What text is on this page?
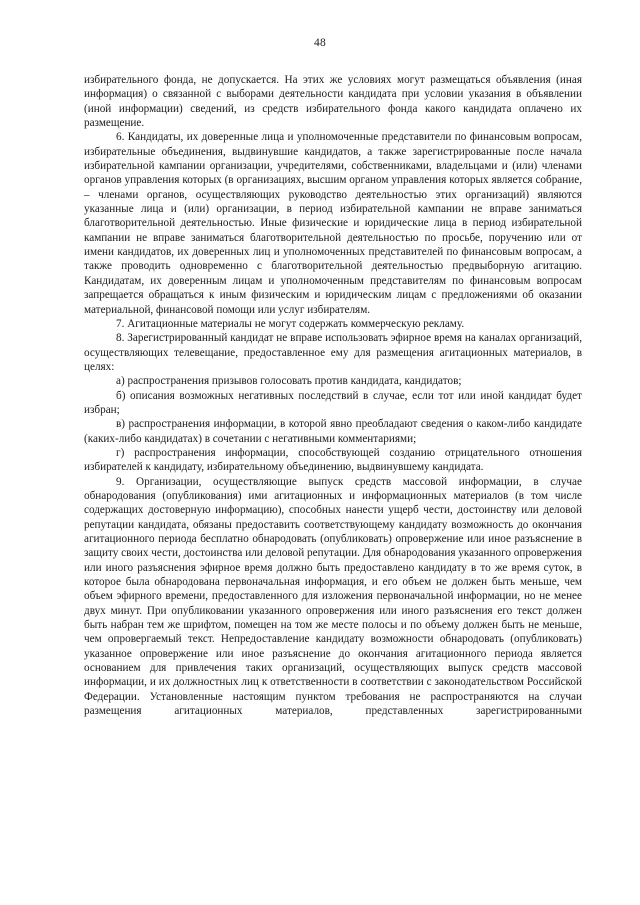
48

избирательного фонда, не допускается. На этих же условиях могут размещаться объявления (иная информация) о связанной с выборами деятельности кандидата при условии указания в объявлении (иной информации) сведений, из средств избирательного фонда какого кандидата оплачено их размещение.

6. Кандидаты, их доверенные лица и уполномоченные представители по финансовым вопросам, избирательные объединения, выдвинувшие кандидатов, а также зарегистрированные после начала избирательной кампании организации, учредителями, собственниками, владельцами и (или) членами органов управления которых (в организациях, высшим органом управления которых является собрание, – членами органов, осуществляющих руководство деятельностью этих организаций) являются указанные лица и (или) организации, в период избирательной кампании не вправе заниматься благотворительной деятельностью. Иные физические и юридические лица в период избирательной кампании не вправе заниматься благотворительной деятельностью по просьбе, поручению или от имени кандидатов, их доверенных лиц и уполномоченных представителей по финансовым вопросам, а также проводить одновременно с благотворительной деятельностью предвыборную агитацию. Кандидатам, их доверенным лицам и уполномоченным представителям по финансовым вопросам запрещается обращаться к иным физическим и юридическим лицам с предложениями об оказании материальной, финансовой помощи или услуг избирателям.

7. Агитационные материалы не могут содержать коммерческую рекламу.

8. Зарегистрированный кандидат не вправе использовать эфирное время на каналах организаций, осуществляющих телевещание, предоставленное ему для размещения агитационных материалов, в целях:

а) распространения призывов голосовать против кандидата, кандидатов;

б) описания возможных негативных последствий в случае, если тот или иной кандидат будет избран;

в) распространения информации, в которой явно преобладают сведения о каком-либо кандидате (каких-либо кандидатах) в сочетании с негативными комментариями;

г) распространения информации, способствующей созданию отрицательного отношения избирателей к кандидату, избирательному объединению, выдвинувшему кандидата.

9. Организации, осуществляющие выпуск средств массовой информации, в случае обнародования (опубликования) ими агитационных и информационных материалов (в том числе содержащих достоверную информацию), способных нанести ущерб чести, достоинству или деловой репутации кандидата, обязаны предоставить соответствующему кандидату возможность до окончания агитационного периода бесплатно обнародовать (опубликовать) опровержение или иное разъяснение в защиту своих чести, достоинства или деловой репутации. Для обнародования указанного опровержения или иного разъяснения эфирное время должно быть предоставлено кандидату в то же время суток, в которое была обнародована первоначальная информация, и его объем не должен быть меньше, чем объем эфирного времени, предоставленного для изложения первоначальной информации, но не менее двух минут. При опубликовании указанного опровержения или иного разъяснения его текст должен быть набран тем же шрифтом, помещен на том же месте полосы и по объему должен быть не меньше, чем опровергаемый текст. Непредоставление кандидату возможности обнародовать (опубликовать) указанное опровержение или иное разъяснение до окончания агитационного периода является основанием для привлечения таких организаций, осуществляющих выпуск средств массовой информации, и их должностных лиц к ответственности в соответствии с законодательством Российской Федерации. Установленные настоящим пунктом требования не распространяются на случаи размещения агитационных материалов, представленных зарегистрированными
